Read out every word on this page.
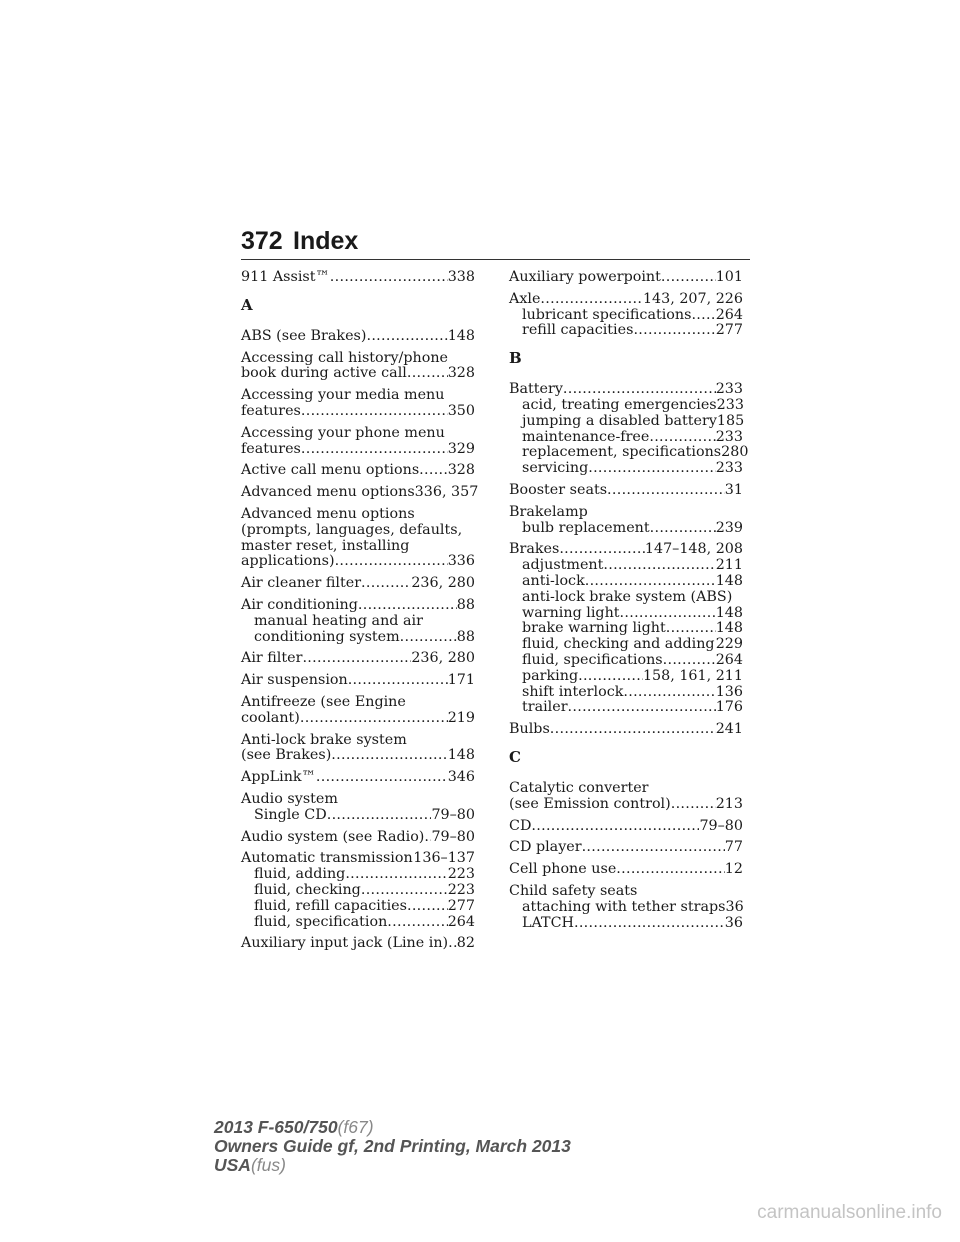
372 Index
911 Assist™ .....	338
A
ABS (see Brakes) .....	148
Accessing call history/phone
book during active call .....	328
Accessing your media menu
features .....	350
Accessing your phone menu
features .....	329
Active call menu options ..... 328
Advanced menu options 336, 357
Advanced menu options
(prompts, languages, defaults,
master reset, installing
applications) .....	336
Air cleaner filter .....	236, 280
Air conditioning .....	88
manual heating and air
conditioning system .....	88
Air filter .....	236, 280
Air suspension .....	171
Antifreeze (see Engine
coolant) .....	219
Anti-lock brake system
(see Brakes) .....	148
AppLink™ .....	346
Audio system
Single CD .....	79–80
Audio system (see Radio) ..... 79–80
Automatic transmission ..... 136–137
fluid, adding .....	223
fluid, checking .....	223
fluid, refill capacities .....	277
fluid, specification .....	264
Auxiliary input jack (Line in) ..... 82
Auxiliary powerpoint .....	101
Axle .....	143, 207, 226
lubricant specifications ..... 264
refill capacities .....	277
B
Battery .....	233
acid, treating emergencies 233
jumping a disabled battery 185
maintenance-free .....	233
replacement, specifications 280
servicing .....	233
Booster seats .....	31
Brakelamp
bulb replacement .....	239
Brakes .....	147–148, 208
adjustment .....	211
anti-lock .....	148
anti-lock brake system (ABS)
warning light .....	148
brake warning light .....	148
fluid, checking and adding ..... 229
fluid, specifications .....	264
parking .....	158, 161, 211
shift interlock .....	136
trailer .....	176
Bulbs .....	241
C
Catalytic converter
(see Emission control) .....	213
CD .....	79–80
CD player .....	77
Cell phone use .....	12
Child safety seats
attaching with tether straps 36
LATCH .....	36
2013 F-650/750(f67)
Owners Guide gf, 2nd Printing, March 2013
USA(fus)
carmanualsonline.info
